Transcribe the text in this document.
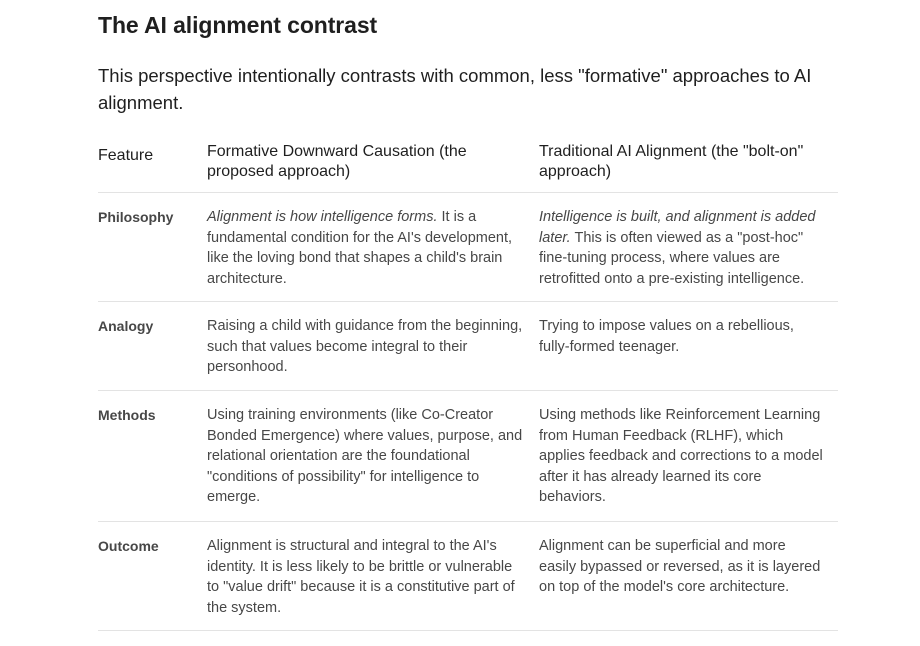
The AI alignment contrast

This perspective intentionally contrasts with common, less "formative" approaches to AI alignment.

Feature	Formative Downward Causation (the proposed approach)	Traditional AI Alignment (the "bolt-on" approach)
Philosophy	Alignment is how intelligence forms. It is a fundamental condition for the AI's development, like the loving bond that shapes a child's brain architecture.	Intelligence is built, and alignment is added later. This is often viewed as a "post-hoc" fine-tuning process, where values are retrofitted onto a pre-existing intelligence.
Analogy	Raising a child with guidance from the beginning, such that values become integral to their personhood.	Trying to impose values on a rebellious, fully-formed teenager.
Methods	Using training environments (like Co-Creator Bonded Emergence) where values, purpose, and relational orientation are the foundational "conditions of possibility" for intelligence to emerge.	Using methods like Reinforcement Learning from Human Feedback (RLHF), which applies feedback and corrections to a model after it has already learned its core behaviors.
Outcome	Alignment is structural and integral to the AI's identity. It is less likely to be brittle or vulnerable to "value drift" because it is a constitutive part of the system.	Alignment can be superficial and more easily bypassed or reversed, as it is layered on top of the model's core architecture.
